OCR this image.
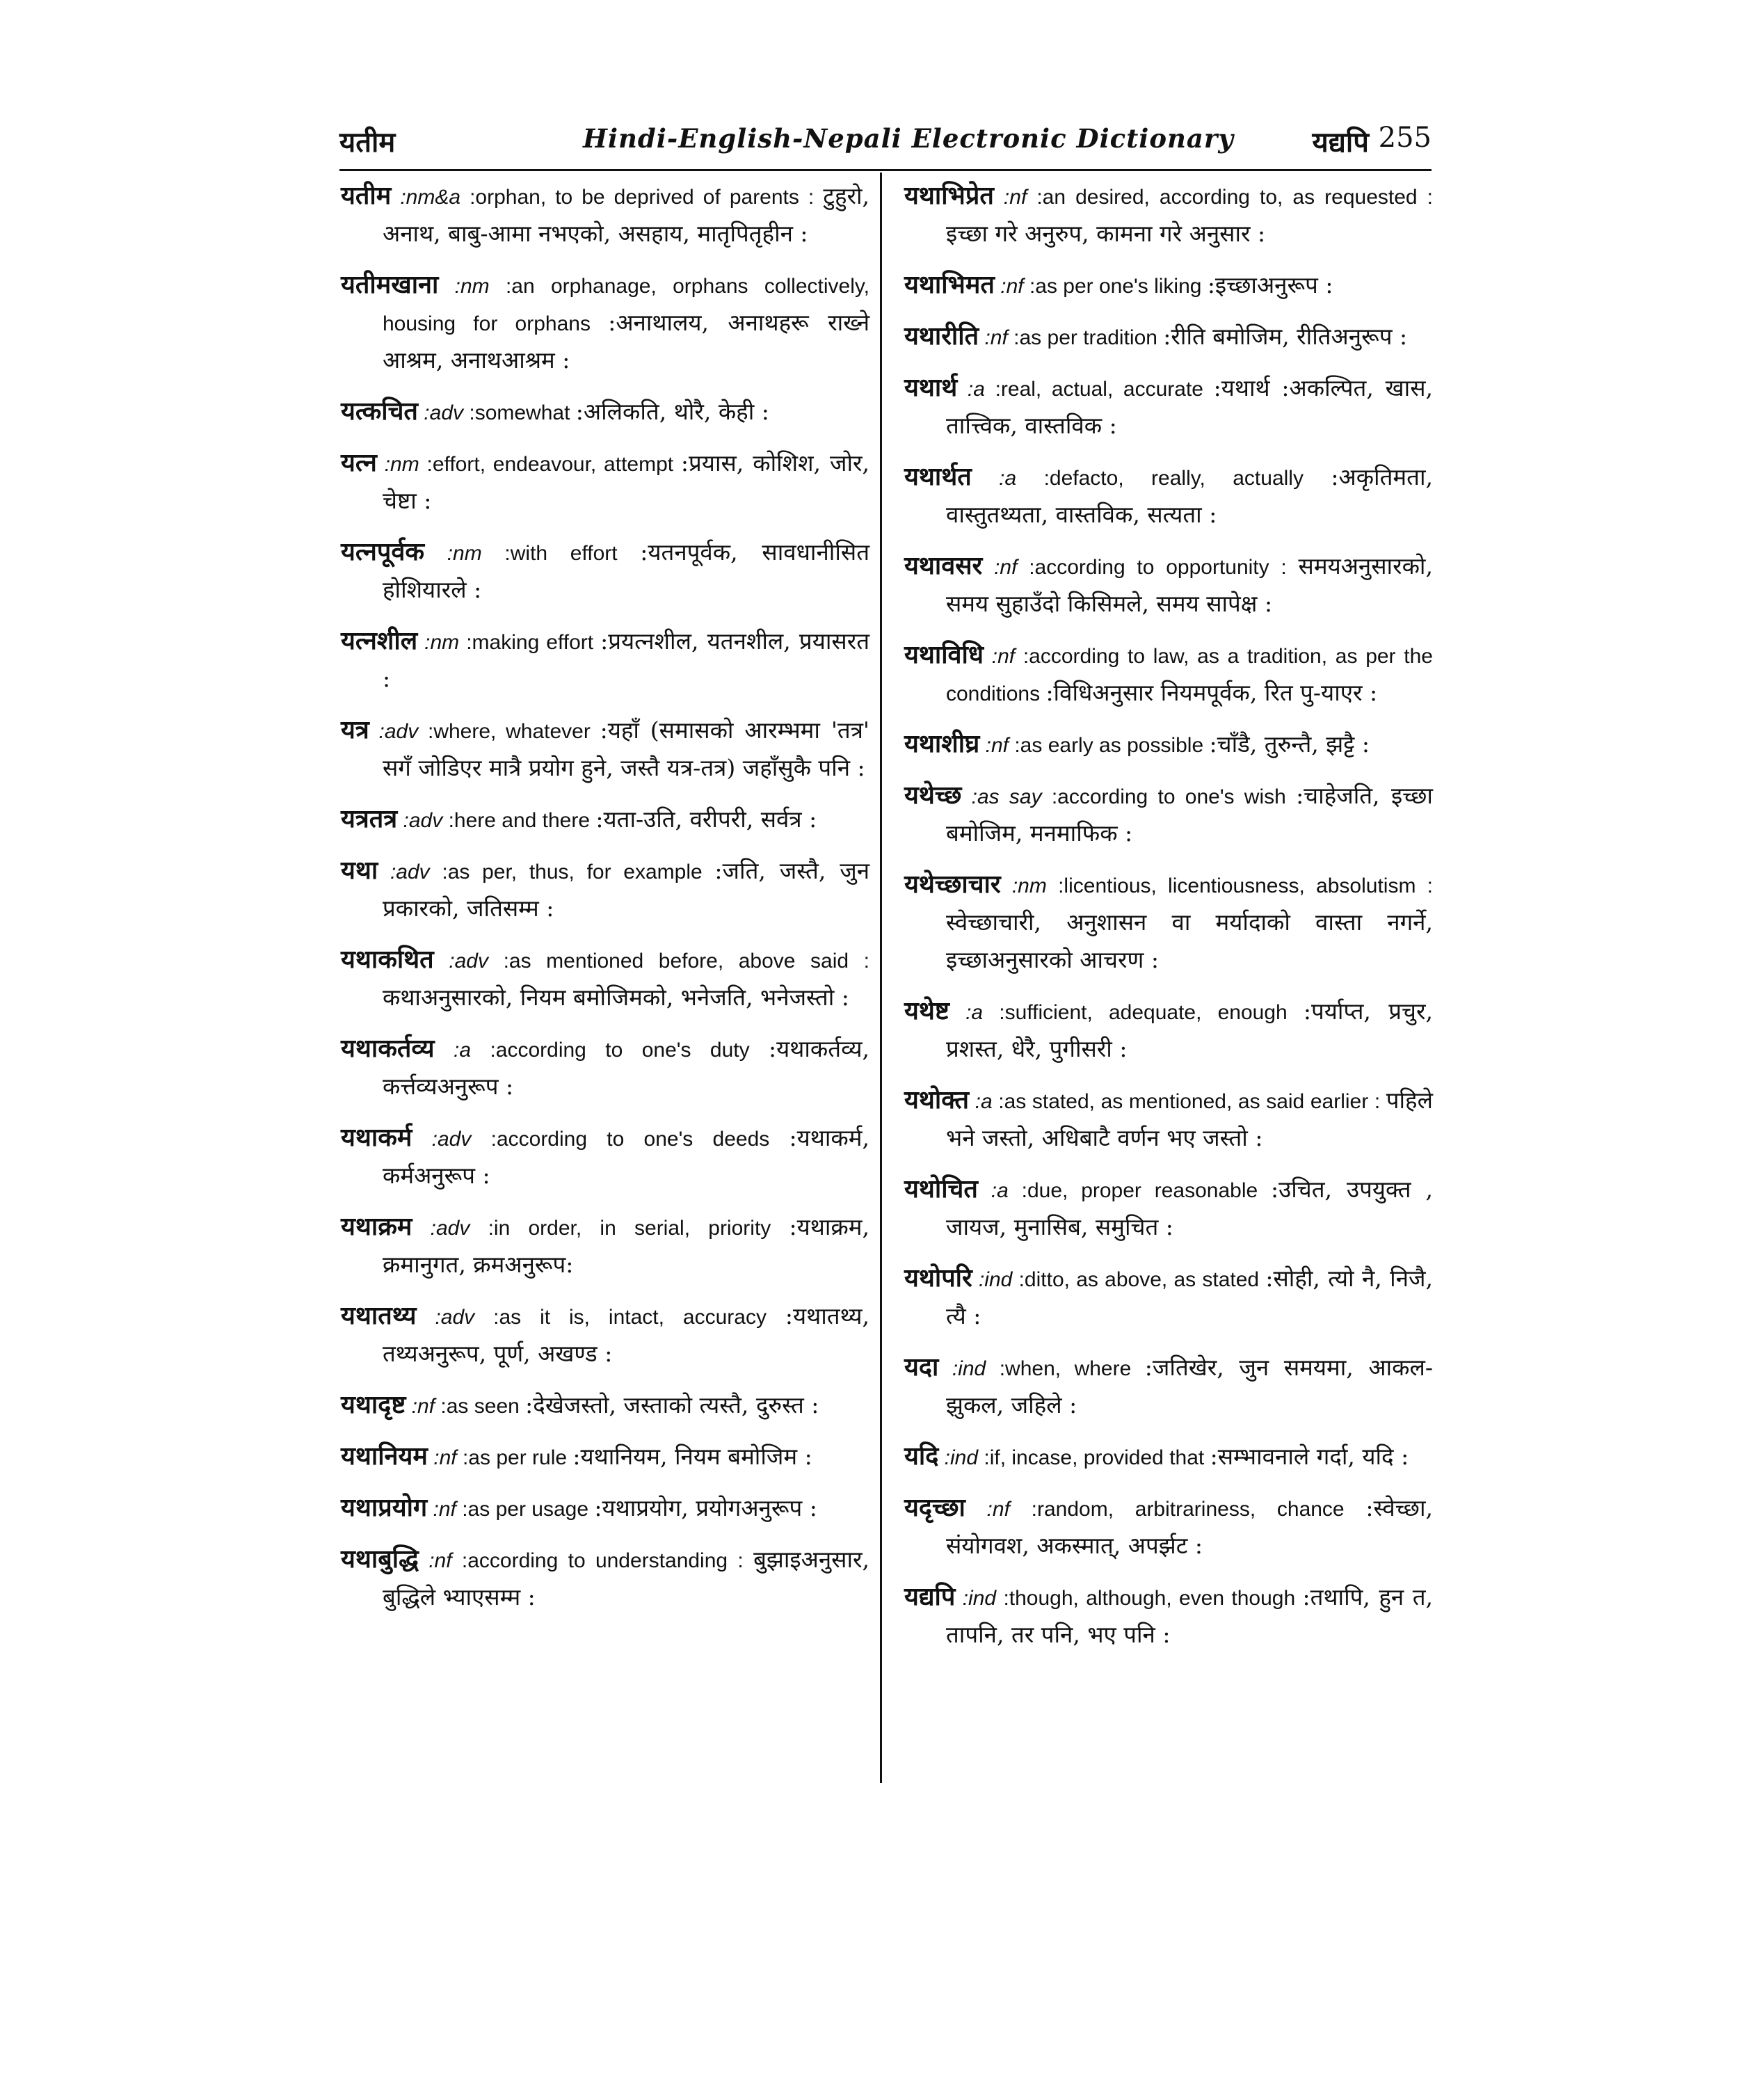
यतीम	Hindi-English-Nepali Electronic Dictionary	यद्यपि 255
यतीम :nm&a :orphan, to be deprived of parents : टुहुरो, अनाथ, बाबु-आमा नभएको, असहाय, मातृपितृहीन :
यतीमखाना :nm :an orphanage, orphans collectively, housing for orphans :अनाथालय, अनाथहरू राख्ने आश्रम, अनाथआश्रम :
यत्कचित :adv :somewhat :अलिकति, थोरै, केही :
यत्न :nm :effort, endeavour, attempt :प्रयास, कोशिश, जोर, चेष्टा :
यत्नपूर्वक :nm :with effort :यतनपूर्वक, सावधानीसित होशियारले :
यत्नशील :nm :making effort :प्रयत्नशील, यतनशील, प्रयासरत :
यत्र :adv :where, whatever :यहाँ (समासको आरम्भमा 'तत्र' सगँ जोडिएर मात्रै प्रयोग हुने, जस्तै यत्र-तत्र) जहाँसुकै पनि :
यत्रतत्र :adv :here and there :यता-उति, वरीपरी, सर्वत्र :
यथा :adv :as per, thus, for example :जति, जस्तै, जुन प्रकारको, जतिसम्म :
यथाकथित :adv :as mentioned before, above said : कथाअनुसारको, नियम बमोजिमको, भनेजति, भनेजस्तो :
यथाकर्तव्य :a :according to one's duty :यथाकर्तव्य, कर्त्तव्यअनुरूप :
यथाकर्म :adv :according to one's deeds :यथाकर्म, कर्मअनुरूप :
यथाक्रम :adv :in order, in serial, priority :यथाक्रम, क्रमानुगत, क्रमअनुरूप:
यथातथ्य :adv :as it is, intact, accuracy :यथातथ्य, तथ्यअनुरूप, पूर्ण, अखण्ड :
यथादृष्ट :nf :as seen :देखेजस्तो, जस्ताको त्यस्तै, दुरुस्त :
यथानियम :nf :as per rule :यथानियम, नियम बमोजिम :
यथाप्रयोग :nf :as per usage :यथाप्रयोग, प्रयोगअनुरूप :
यथाबुद्धि :nf :according to understanding : बुझाइअनुसार, बुद्धिले भ्याएसम्म :
यथाभिप्रेत :nf :an desired, according to, as requested : इच्छा गरे अनुरुप, कामना गरे अनुसार :
यथाभिमत :nf :as per one's liking :इच्छाअनुरूप :
यथारीति :nf :as per tradition :रीति बमोजिम, रीतिअनुरूप :
यथार्थ :a :real, actual, accurate :यथार्थ :अकल्पित, खास, तात्त्विक, वास्तविक :
यथार्थत :a :defacto, really, actually :अकृतिमता, वास्तुतथ्यता, वास्तविक, सत्यता :
यथावसर :nf :according to opportunity : समयअनुसारको, समय सुहाउँदो किसिमले, समय सापेक्ष :
यथाविधि :nf :according to law, as a tradition, as per the conditions :विधिअनुसार नियमपूर्वक, रित पु-याएर :
यथाशीघ्र :nf :as early as possible :चाँडै, तुरुन्तै, झट्टै :
यथेच्छ :as say :according to one's wish :चाहेजति, इच्छा बमोजिम, मनमाफिक :
यथेच्छाचार :nm :licentious, licentiousness, absolutism : स्वेच्छाचारी, अनुशासन वा मर्यादाको वास्ता नगर्ने, इच्छाअनुसारको आचरण :
यथेष्ट :a :sufficient, adequate, enough :पर्याप्त, प्रचुर, प्रशस्त, धेरै, पुगीसरी :
यथोक्त :a :as stated, as mentioned, as said earlier : पहिले भने जस्तो, अधिबाटै वर्णन भए जस्तो :
यथोचित :a :due, proper reasonable :उचित, उपयुक्त , जायज, मुनासिब, समुचित :
यथोपरि :ind :ditto, as above, as stated :सोही, त्यो नै, निजै, त्यै :
यदा :ind :when, where :जतिखेर, जुन समयमा, आकल-झुकल, जहिले :
यदि :ind :if, incase, provided that :सम्भावनाले गर्दा, यदि :
यदृच्छा :nf :random, arbitrariness, chance :स्वेच्छा, संयोगवश, अकस्मात्, अपर्झट :
यद्यपि :ind :though, although, even though :तथापि, हुन त, तापनि, तर पनि, भए पनि :
